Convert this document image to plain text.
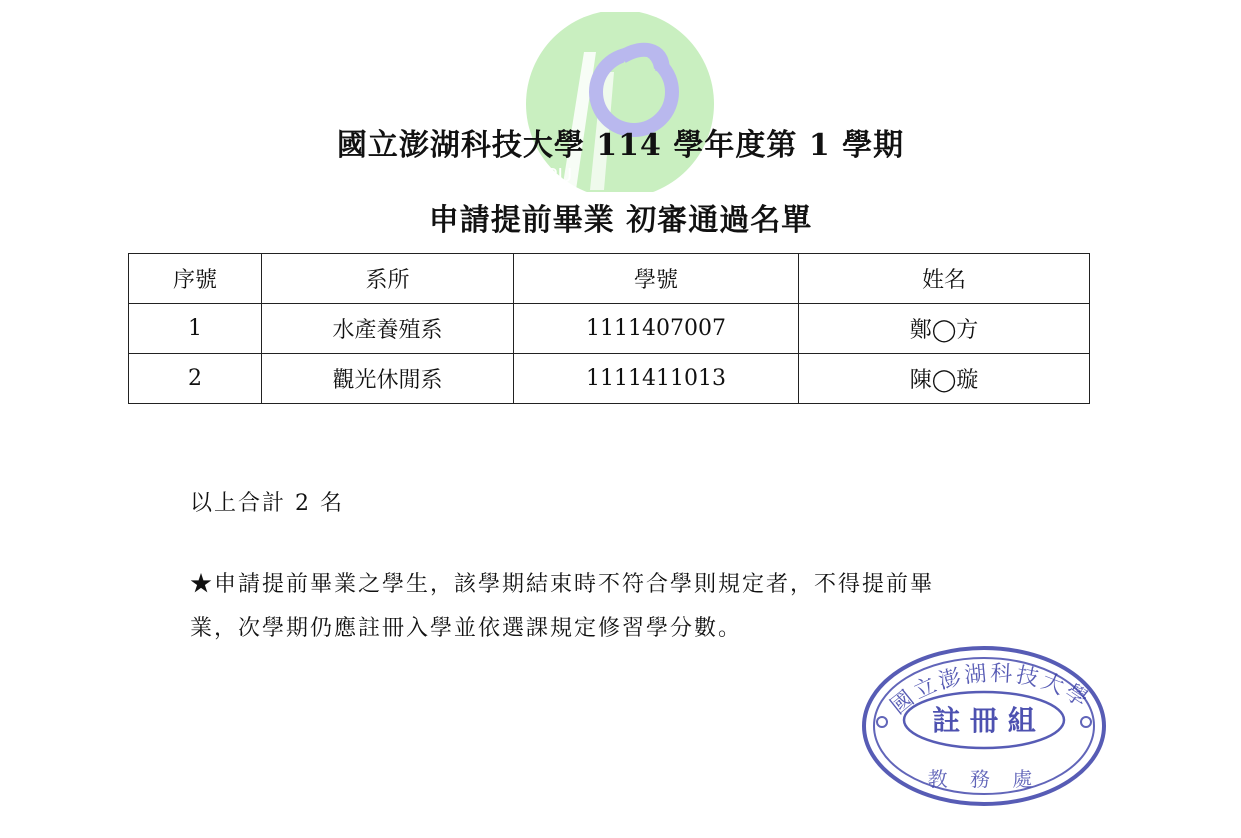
NPU
國立澎湖科技大學 114 學年度第 1 學期
申請提前畢業 初審通過名單
序號	系所	學號	姓名
1	水產養殖系	1111407007	鄭◯方
2	觀光休閒系	1111411013	陳◯璇
以上合計 2 名
★申請提前畢業之學生，該學期結束時不符合學則規定者，不得提前畢
業，次學期仍應註冊入學並依選課規定修習學分數。
國立澎湖科技大學
註 冊 組
教 務 處
